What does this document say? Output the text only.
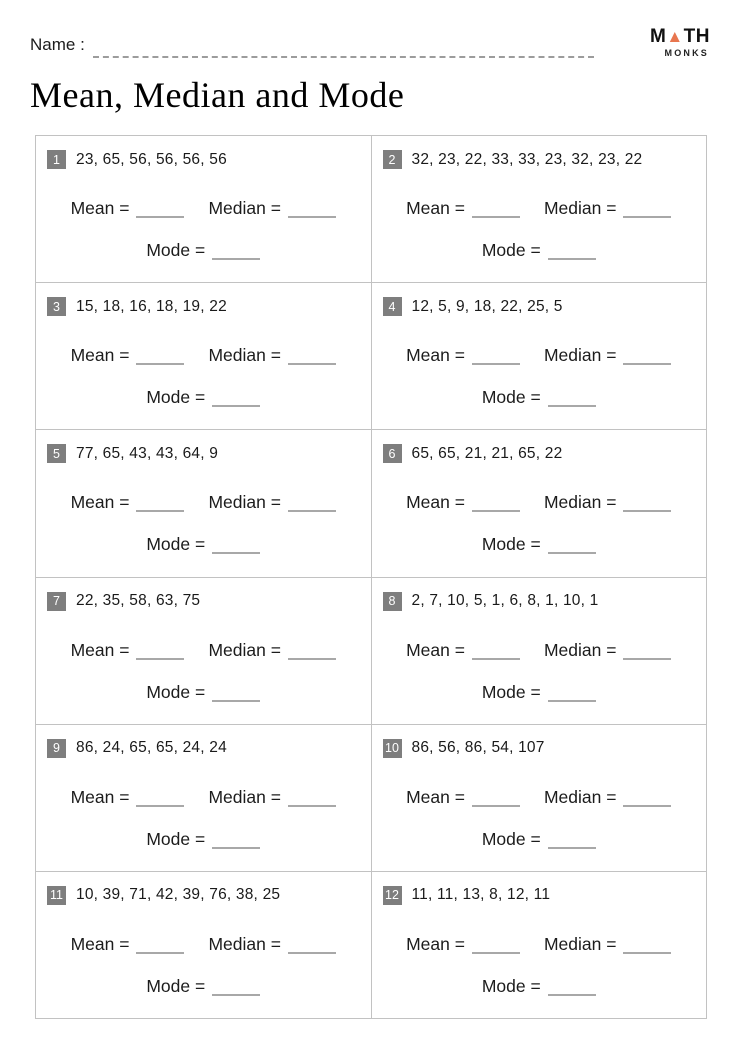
Name :	M▲TH
MONKS
Mean, Median and Mode
1	23, 65, 56, 56, 56, 56
Mean =	Median =
Mode =
2	32, 23, 22, 33, 33, 23, 32, 23, 22
Mean =	Median =
Mode =
3	15, 18, 16, 18, 19, 22
Mean =	Median =
Mode =
4	12, 5, 9, 18, 22, 25, 5
Mean =	Median =
Mode =
5	77, 65, 43, 43, 64, 9
Mean =	Median =
Mode =
6	65, 65, 21, 21, 65, 22
Mean =	Median =
Mode =
7	22, 35, 58, 63, 75
Mean =	Median =
Mode =
8	2, 7, 10, 5, 1, 6, 8, 1, 10, 1
Mean =	Median =
Mode =
9	86, 24, 65, 65, 24, 24
Mean =	Median =
Mode =
10 86, 56, 86, 54, 107
Mean =	Median =
Mode =
11 10, 39, 71, 42, 39, 76, 38, 25
Mean =	Median =
Mode =
12 11, 11, 13, 8, 12, 11
Mean =	Median =
Mode =
